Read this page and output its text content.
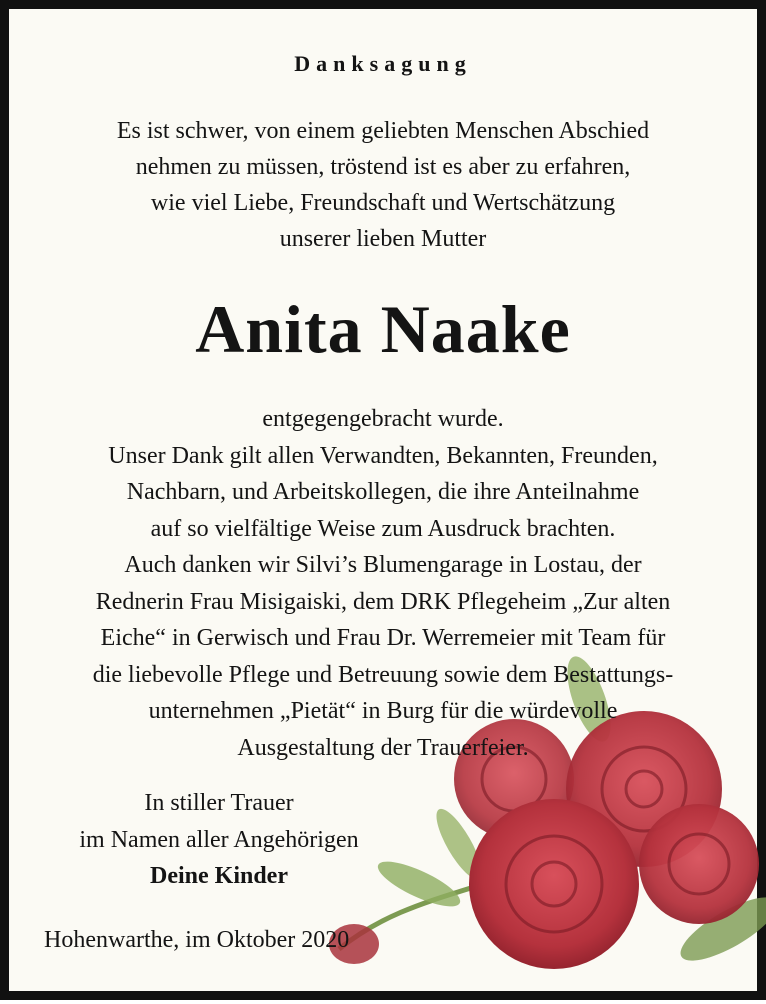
Danksagung
Es ist schwer, von einem geliebten Menschen Abschied
nehmen zu müssen, tröstend ist es aber zu erfahren,
wie viel Liebe, Freundschaft und Wertschätzung
unserer lieben Mutter
Anita Naake
entgegengebracht wurde.
Unser Dank gilt allen Verwandten, Bekannten, Freunden,
Nachbarn, und Arbeitskollegen, die ihre Anteilnahme
auf so vielfältige Weise zum Ausdruck brachten.
Auch danken wir Silvi’s Blumengarage in Lostau, der
Rednerin Frau Misigaiski, dem DRK Pflegeheim „Zur alten
Eiche“ in Gerwisch und Frau Dr. Werremeier mit Team für
die liebevolle Pflege und Betreuung sowie dem Bestattungs-
unternehmen „Pietät“ in Burg für die würdevolle
Ausgestaltung der Trauerfeier.
In stiller Trauer
im Namen aller Angehörigen
Deine Kinder
Hohenwarthe, im Oktober 2020
